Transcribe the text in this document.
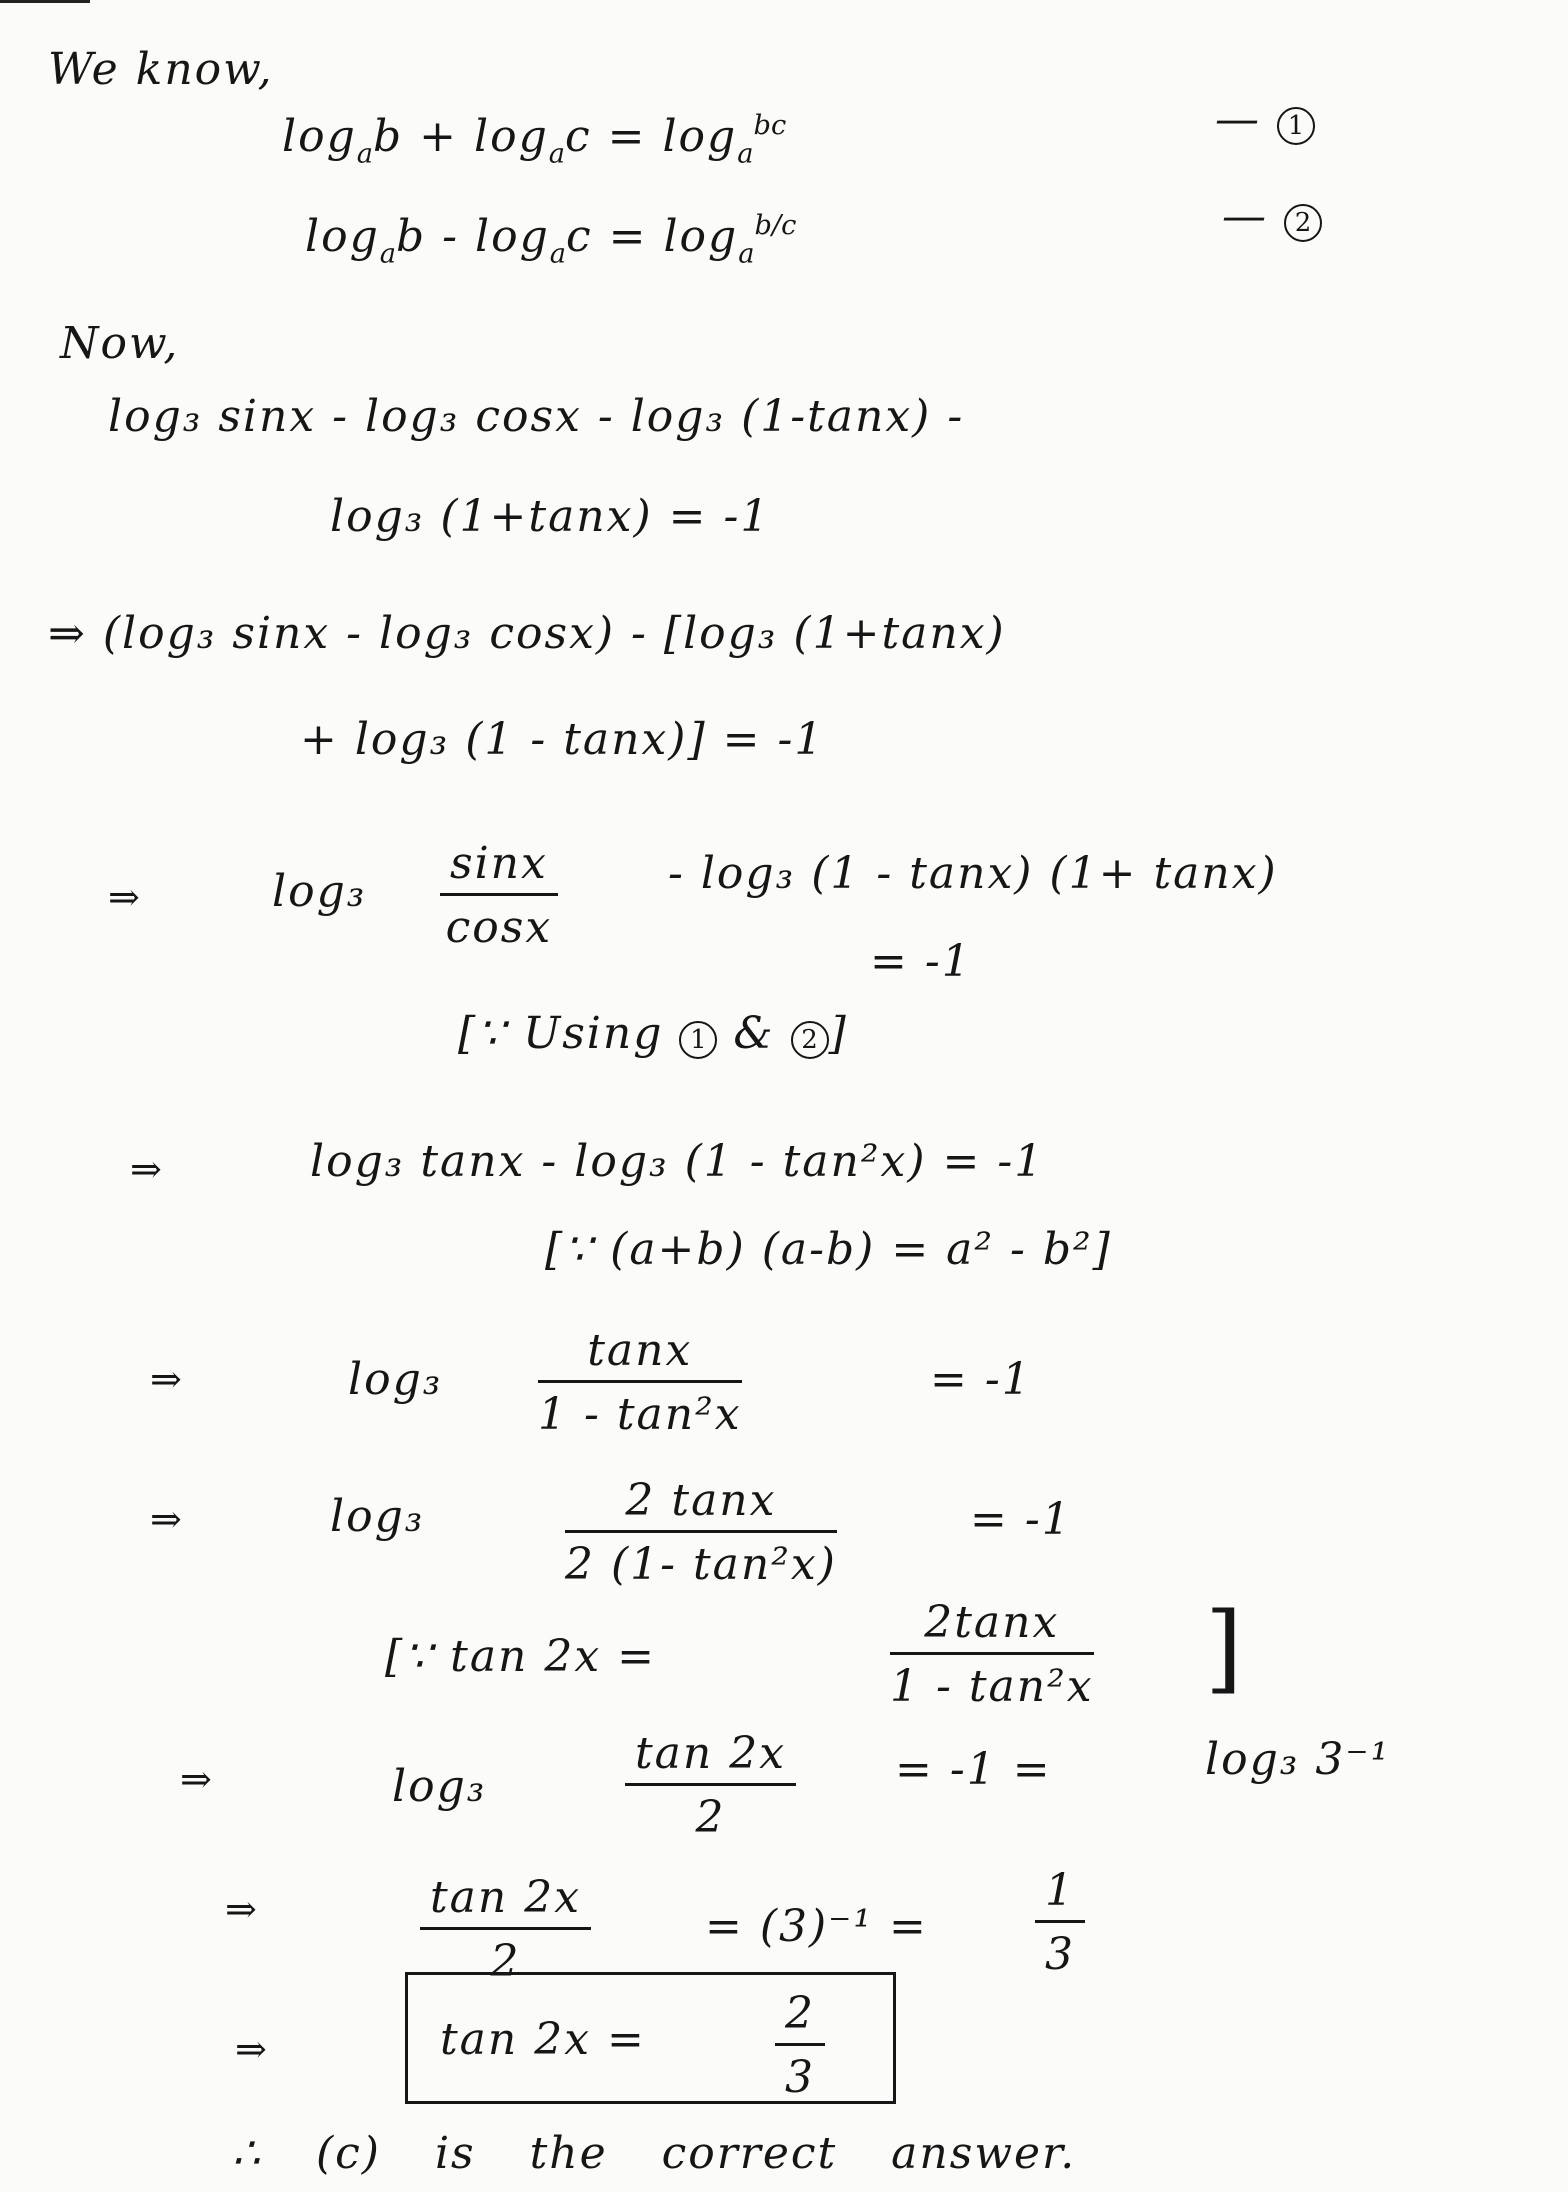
We know,
$\log_ab + \log_ac = \log_a^{bc}$	— 1
$\log_ab - \log_ac = \log_a^{b/c}$	— 2
Now,
log₃ sinx - log₃ cosx - log₃ (1-tanx) -
log₃ (1+tanx) = -1
⇒ (log₃ sinx - log₃ cosx) - [log₃ (1+tanx)
+ log₃ (1 - tanx)] = -1
⇒	$\log_3 \frac{\sin x}{\cos x}$	- log₃ (1 - tanx) (1+ tanx)
= -1
[∵ Using 1 & 2 ]
⇒	log₃ tanx - log₃ (1 - tan²x) = -1
[∵ (a+b) (a-b) = a² - b²]
⇒	$\log_3 \frac{\tan x}{\text{1 - tan²x}}$	= -1
⇒	log₃	$\frac{2 \tan x}{\text{2 (1- tan²x)}}$	= -1
[∵ tan 2x =	$\frac{2\tan x}{\text{1 - tan²x}}$ ]
⇒	log₃	$\frac{\tan 2x}{2} = -1$ =	log₃ 3⁻¹
⇒	$\frac{\tan 2x}{2}$	= $(3)^{-1} = \frac{1}{3}$
⇒	tan 2x =	$\frac{2}{3}$
∴ (c) is the correct answer.
